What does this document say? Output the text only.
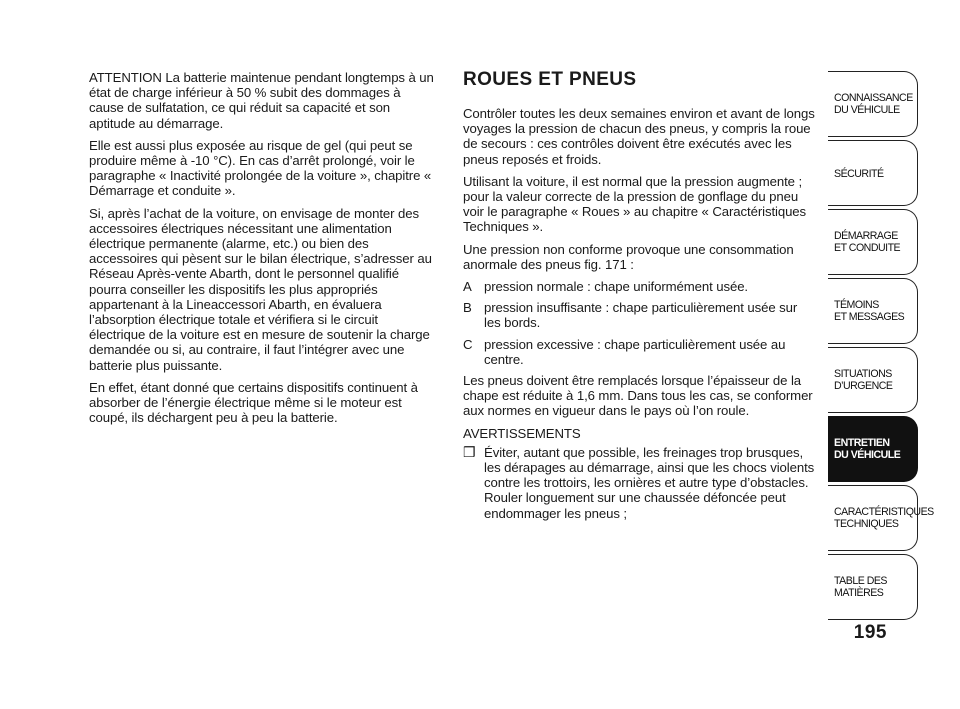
ATTENTION La batterie maintenue pendant longtemps à un état de charge inférieur à 50 % subit des dommages à cause de sulfatation, ce qui réduit sa capacité et son aptitude au démarrage.

Elle est aussi plus exposée au risque de gel (qui peut se produire même à -10 °C). En cas d’arrêt prolongé, voir le paragraphe « Inactivité prolongée de la voiture », chapitre « Démarrage et conduite ».

Si, après l’achat de la voiture, on envisage de monter des accessoires électriques nécessitant une alimentation électrique permanente (alarme, etc.) ou bien des accessoires qui pèsent sur le bilan électrique, s’adresser au Réseau Après-vente Abarth, dont le personnel qualifié pourra conseiller les dispositifs les plus appropriés appartenant à la Lineaccessori Abarth, en évaluera l’absorption électrique totale et vérifiera si le circuit électrique de la voiture est en mesure de soutenir la charge demandée ou si, au contraire, il faut l’intégrer avec une batterie plus puissante.

En effet, étant donné que certains dispositifs continuent à absorber de l’énergie électrique même si le moteur est coupé, ils déchargent peu à peu la batterie.

ROUES ET PNEUS

Contrôler toutes les deux semaines environ et avant de longs voyages la pression de chacun des pneus, y compris la roue de secours : ces contrôles doivent être exécutés avec les pneus reposés et froids.

Utilisant la voiture, il est normal que la pression augmente ; pour la valeur correcte de la pression de gonflage du pneu voir le paragraphe « Roues » au chapitre « Caractéristiques Techniques ».

Une pression non conforme provoque une consommation anormale des pneus fig. 171 :

A pression normale : chape uniformément usée.
B pression insuffisante : chape particulièrement usée sur les bords.
C pression excessive : chape particulièrement usée au centre.

Les pneus doivent être remplacés lorsque l’épaisseur de la chape est réduite à 1,6 mm. Dans tous les cas, se conformer aux normes en vigueur dans le pays où l’on roule.

AVERTISSEMENTS

❒ Éviter, autant que possible, les freinages trop brusques, les dérapages au démarrage, ainsi que les chocs violents contre les trottoirs, les ornières et autre type d’obstacles. Rouler longuement sur une chaussée défoncée peut endommager les pneus ;
CONNAISSANCE
DU VÉHICULE
SÉCURITÉ
DÉMARRAGE
ET CONDUITE
TÉMOINS
ET MESSAGES
SITUATIONS
D’URGENCE
ENTRETIEN
DU VÉHICULE
CARACTÉRISTIQUES
TECHNIQUES
TABLE DES
MATIÈRES
195
